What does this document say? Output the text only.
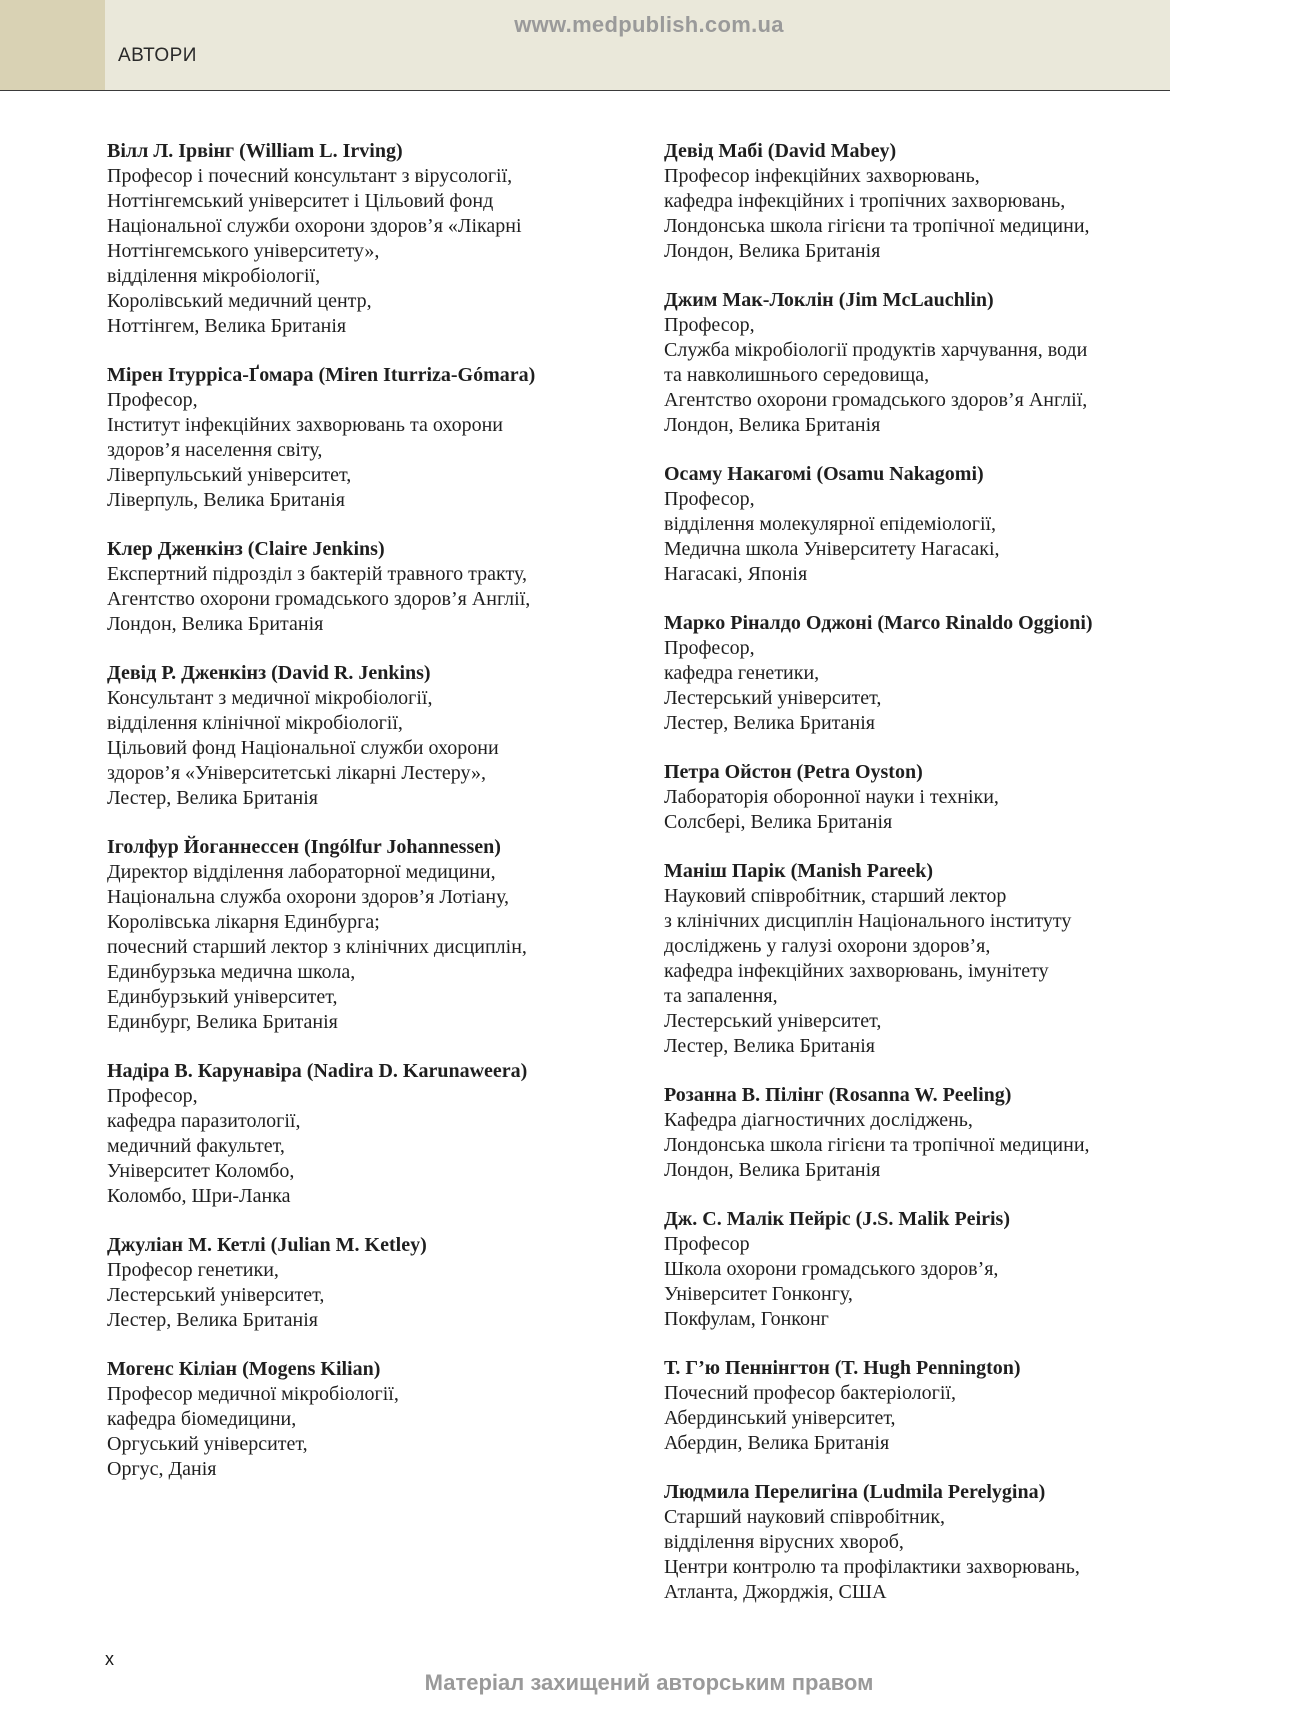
www.medpublish.com.ua
АВТОРИ
Вілл Л. Ірвінг (William L. Irving)
Професор і почесний консультант з вірусології,
Ноттінгемський університет і Цільовий фонд
Національної служби охорони здоров’я «Лікарні
Ноттінгемського університету»,
відділення мікробіології,
Королівський медичний центр,
Ноттінгем, Велика Британія
Мірен Ітурріса-Ґомара (Miren Iturriza-Gómara)
Професор,
Інститут інфекційних захворювань та охорони
здоров’я населення світу,
Ліверпульський університет,
Ліверпуль, Велика Британія
Клер Дженкінз (Claire Jenkins)
Експертний підрозділ з бактерій травного тракту,
Агентство охорони громадського здоров’я Англії,
Лондон, Велика Британія
Девід Р. Дженкінз (David R. Jenkins)
Консультант з медичної мікробіології,
відділення клінічної мікробіології,
Цільовий фонд Національної служби охорони
здоров’я «Університетські лікарні Лестеру»,
Лестер, Велика Британія
Іголфур Йоганнессен (Ingólfur Johannessen)
Директор відділення лабораторної медицини,
Національна служба охорони здоров’я Лотіану,
Королівська лікарня Единбурга;
почесний старший лектор з клінічних дисциплін,
Единбурзька медична школа,
Единбурзький університет,
Единбург, Велика Британія
Надіра В. Карунавіра (Nadira D. Karunaweera)
Професор,
кафедра паразитології,
медичний факультет,
Університет Коломбо,
Коломбо, Шри-Ланка
Джуліан М. Кетлі (Julian M. Ketley)
Професор генетики,
Лестерський університет,
Лестер, Велика Британія
Могенс Кіліан (Mogens Kilian)
Професор медичної мікробіології,
кафедра біомедицини,
Оргуський університет,
Оргус, Данія
Девід Мабі (David Mabey)
Професор інфекційних захворювань,
кафедра інфекційних і тропічних захворювань,
Лондонська школа гігієни та тропічної медицини,
Лондон, Велика Британія
Джим Мак-Локлін (Jim McLauchlin)
Професор,
Служба мікробіології продуктів харчування, води
та навколишнього середовища,
Агентство охорони громадського здоров’я Англії,
Лондон, Велика Британія
Осаму Накагомі (Osamu Nakagomi)
Професор,
відділення молекулярної епідеміології,
Медична школа Університету Нагасакі,
Нагасакі, Японія
Марко Рінaлдо Оджоні (Marco Rinaldo Oggioni)
Професор,
кафедра генетики,
Лестерський університет,
Лестер, Велика Британія
Петра Ойстон (Petra Oyston)
Лабораторія оборонної науки і техніки,
Солсбері, Велика Британія
Маніш Парік (Manish Pareek)
Науковий співробітник, старший лектор
з клінічних дисциплін Національного інституту
досліджень у галузі охорони здоров’я,
кафедра інфекційних захворювань, імунітету
та запалення,
Лестерський університет,
Лестер, Велика Британія
Розанна В. Пілінг (Rosanna W. Peeling)
Кафедра діагностичних досліджень,
Лондонська школа гігієни та тропічної медицини,
Лондон, Велика Британія
Дж. С. Малік Пейріс (J.S. Malik Peiris)
Професор
Школа охорони громадського здоров’я,
Університет Гонконгу,
Покфулам, Гонконг
Т. Г’ю Пеннінгтон (T. Hugh Pennington)
Почесний професор бактеріології,
Абердинський університет,
Абердин, Велика Британія
Людмила Перелигіна (Ludmila Perelygina)
Старший науковий співробітник,
відділення вірусних хвороб,
Центри контролю та профілактики захворювань,
Атланта, Джорджія, США
x
Матеріал захищений авторським правом
